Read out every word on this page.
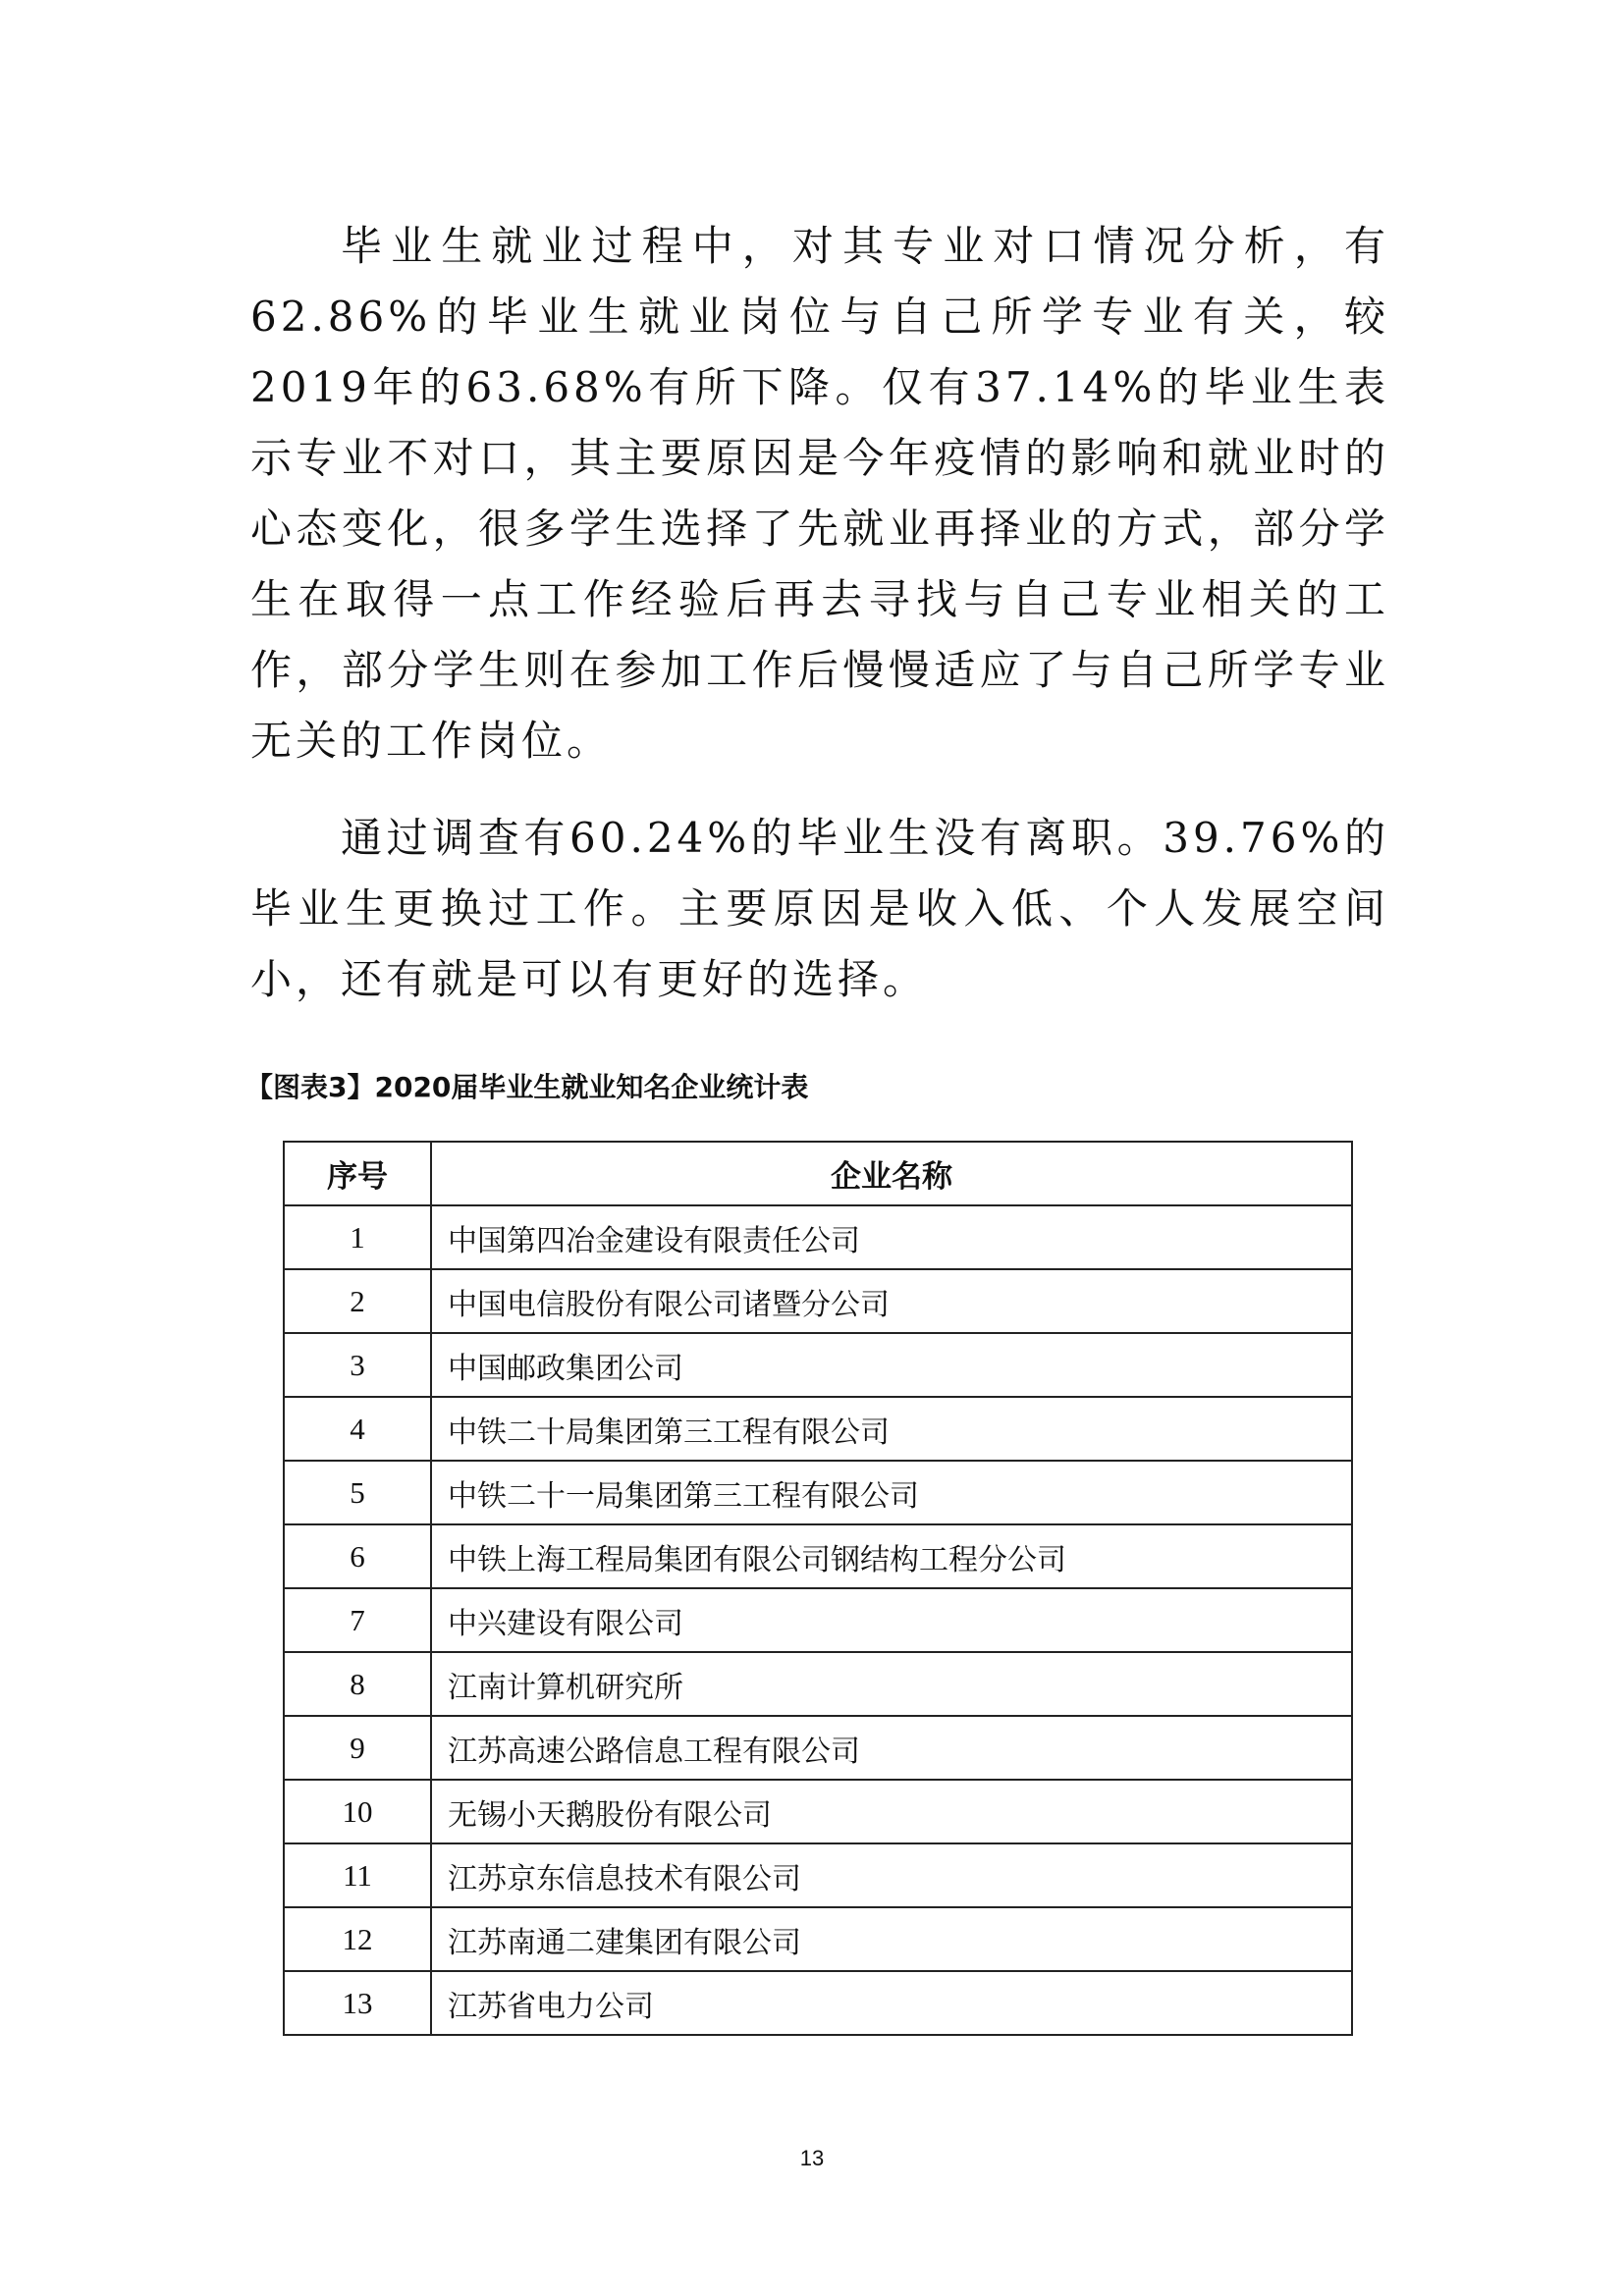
毕业生就业过程中，对其专业对口情况分析，有62.86%的毕业生就业岗位与自己所学专业有关，较2019年的63.68%有所下降。仅有37.14%的毕业生表示专业不对口，其主要原因是今年疫情的影响和就业时的心态变化，很多学生选择了先就业再择业的方式，部分学生在取得一点工作经验后再去寻找与自己专业相关的工作，部分学生则在参加工作后慢慢适应了与自己所学专业无关的工作岗位。

通过调查有60.24%的毕业生没有离职。39.76%的毕业生更换过工作。主要原因是收入低、个人发展空间小，还有就是可以有更好的选择。

【图表3】2020届毕业生就业知名企业统计表

序号	企业名称
1	中国第四冶金建设有限责任公司
2	中国电信股份有限公司诸暨分公司
3	中国邮政集团公司
4	中铁二十局集团第三工程有限公司
5	中铁二十一局集团第三工程有限公司
6	中铁上海工程局集团有限公司钢结构工程分公司
7	中兴建设有限公司
8	江南计算机研究所
9	江苏高速公路信息工程有限公司
10	无锡小天鹅股份有限公司
11	江苏京东信息技术有限公司
12	江苏南通二建集团有限公司
13	江苏省电力公司

13
